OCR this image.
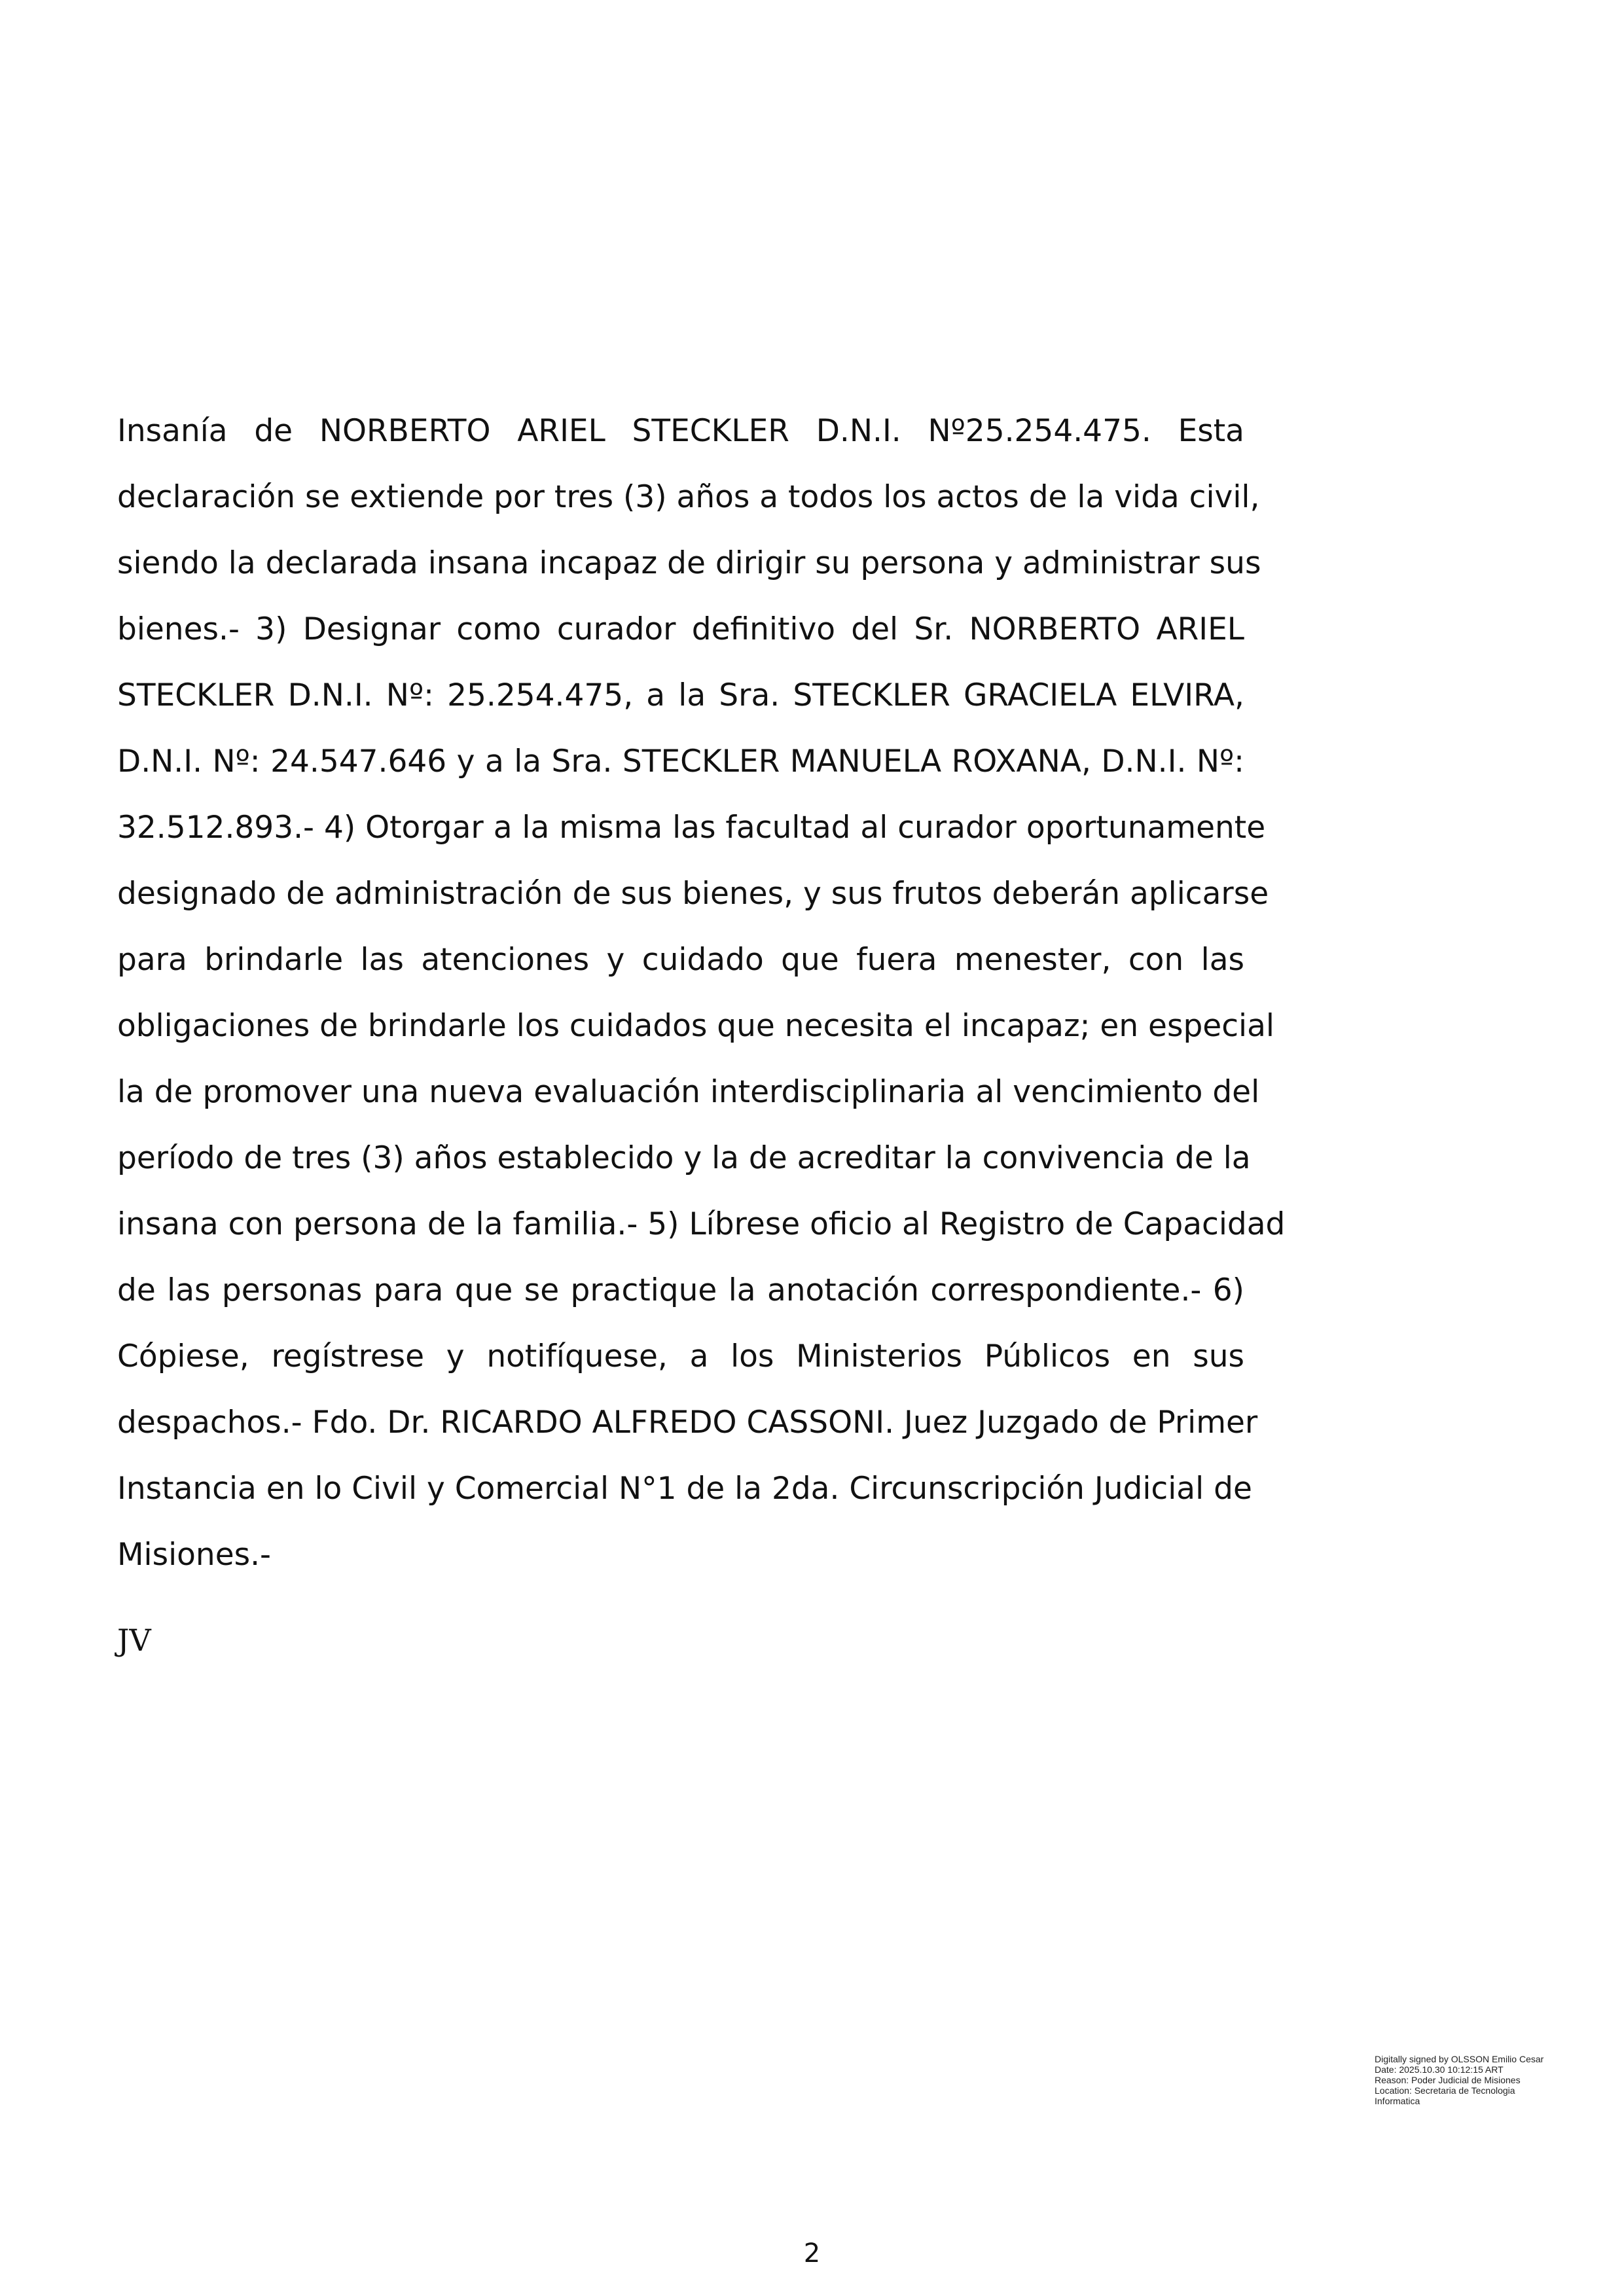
Insanía de NORBERTO ARIEL STECKLER D.N.I. Nº25.254.475. Esta
declaración se extiende por tres (3) años a todos los actos de la vida civil,
siendo la declarada insana incapaz de dirigir su persona y administrar sus
bienes.- 3) Designar como curador definitivo del Sr. NORBERTO ARIEL
STECKLER D.N.I. Nº: 25.254.475, a la Sra. STECKLER GRACIELA ELVIRA,
D.N.I. Nº: 24.547.646 y a la Sra. STECKLER MANUELA ROXANA, D.N.I. Nº:
32.512.893.- 4) Otorgar a la misma las facultad al curador oportunamente
designado de administración de sus bienes, y sus frutos deberán aplicarse
para brindarle las atenciones y cuidado que fuera menester, con las
obligaciones de brindarle los cuidados que necesita el incapaz; en especial
la de promover una nueva evaluación interdisciplinaria al vencimiento del
período de tres (3) años establecido y la de acreditar la convivencia de la
insana con persona de la familia.- 5) Líbrese oficio al Registro de Capacidad
de las personas para que se practique la anotación correspondiente.- 6)
Cópiese, regístrese y notifíquese, a los Ministerios Públicos en sus
despachos.- Fdo. Dr. RICARDO ALFREDO CASSONI. Juez Juzgado de Primer
Instancia en lo Civil y Comercial N°1 de la 2da. Circunscripción Judicial de
Misiones.-
JV
Digitally signed by OLSSON Emilio Cesar
Date: 2025.10.30 10:12:15 ART
Reason: Poder Judicial de Misiones
Location: Secretaria de Tecnologia
Informatica
2
